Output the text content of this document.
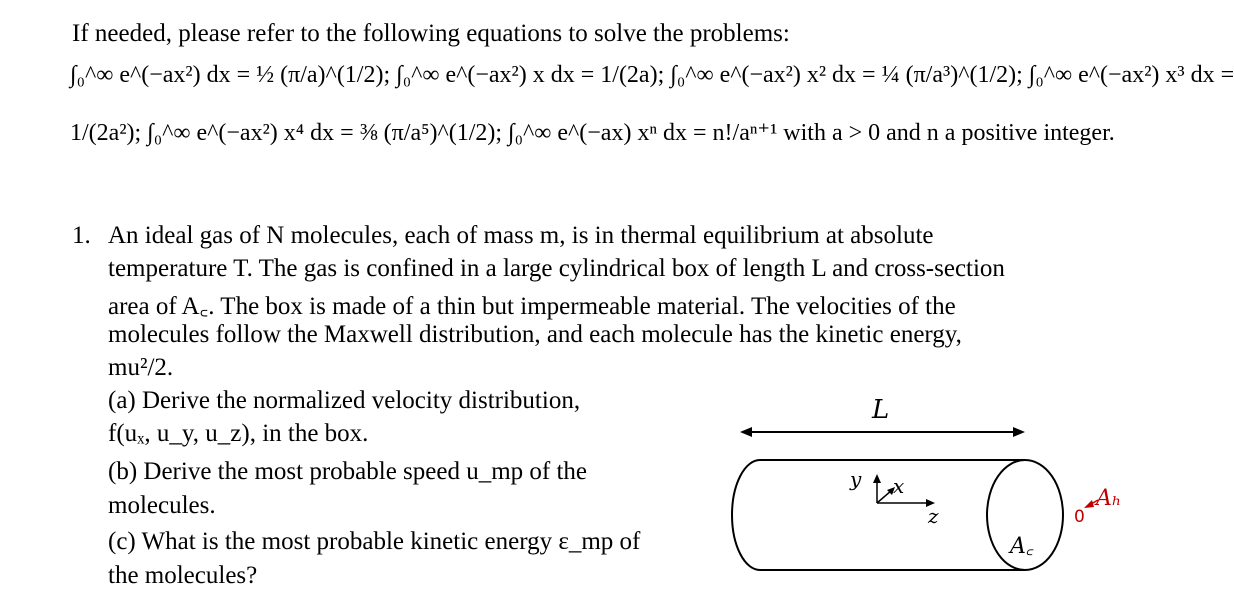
If needed, please refer to the following equations to solve the problems:
∫₀^∞ e^(−ax²) dx = ½ (π/a)^(1/2); ∫₀^∞ e^(−ax²) x dx = 1/(2a); ∫₀^∞ e^(−ax²) x² dx = ¼ (π/a³)^(1/2); ∫₀^∞ e^(−ax²) x³ dx =
1/(2a²); ∫₀^∞ e^(−ax²) x⁴ dx = ⅜ (π/a⁵)^(1/2); ∫₀^∞ e^(−ax) xⁿ dx = n!/aⁿ⁺¹ with a > 0 and n a positive integer.
1. An ideal gas of N molecules, each of mass m, is in thermal equilibrium at absolute
temperature T. The gas is confined in a large cylindrical box of length L and cross-section
area of A꜀. The box is made of a thin but impermeable material. The velocities of the
molecules follow the Maxwell distribution, and each molecule has the kinetic energy,
mu²/2.
(a) Derive the normalized velocity distribution,
f(uₓ, u_y, u_z), in the box.
(b) Derive the most probable speed u_mp of the
molecules.
(c) What is the most probable kinetic energy ε_mp of
the molecules?
L
y x
z
A꜀
0
Aₕ
